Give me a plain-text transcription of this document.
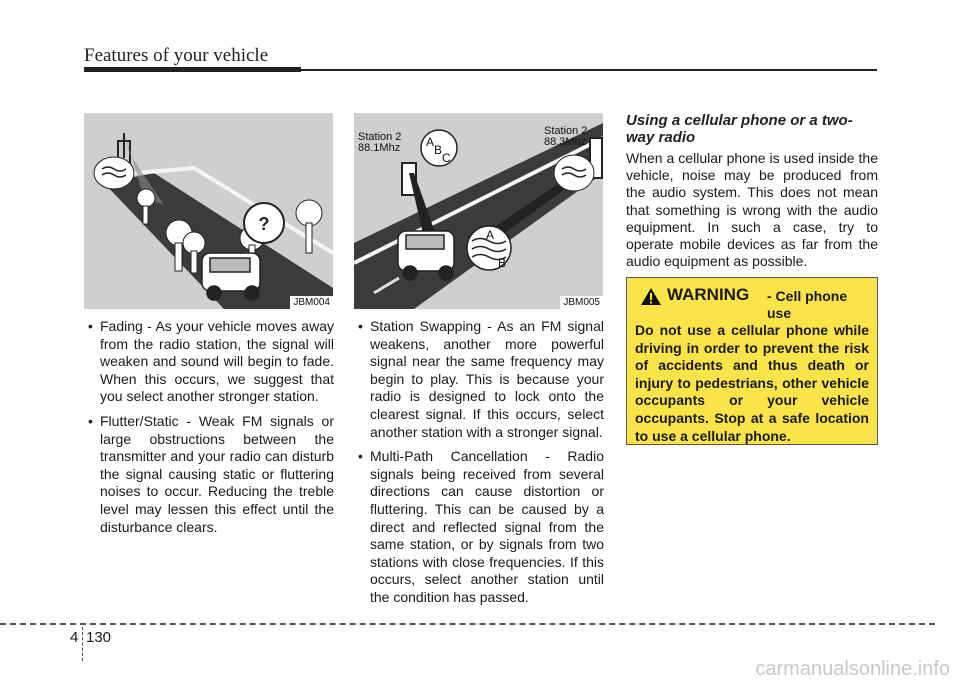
Features of your vehicle
?
JBM004
Station 2
88.1Mhz
Station 2
88.3Mhz
A
B
C
A
B
JBM005
• Fading - As your vehicle moves away from the radio station, the signal will weaken and sound will begin to fade. When this occurs, we suggest that you select another stronger station.
• Flutter/Static - Weak FM signals or large obstructions between the transmitter and your radio can disturb the signal causing static or fluttering noises to occur. Reducing the treble level may lessen this effect until the disturbance clears.
• Station Swapping - As an FM signal weakens, another more powerful signal near the same frequency may begin to play. This is because your radio is designed to lock onto the clearest signal. If this occurs, select another station with a stronger signal.
• Multi-Path Cancellation - Radio signals being received from several directions can cause distortion or fluttering. This can be caused by a direct and reflected signal from the same station, or by signals from two stations with close frequencies. If this occurs, select another station until the condition has passed.
Using a cellular phone or a two-way radio
When a cellular phone is used inside the vehicle, noise may be produced from the audio system. This does not mean that something is wrong with the audio equipment. In such a case, try to operate mobile devices as far from the audio equipment as possible.
WARNING - Cell phone use
Do not use a cellular phone while driving in order to prevent the risk of accidents and thus death or injury to pedestrians, other vehicle occupants or your vehicle occupants. Stop at a safe location to use a cellular phone.
4 130
carmanualsonline.info
